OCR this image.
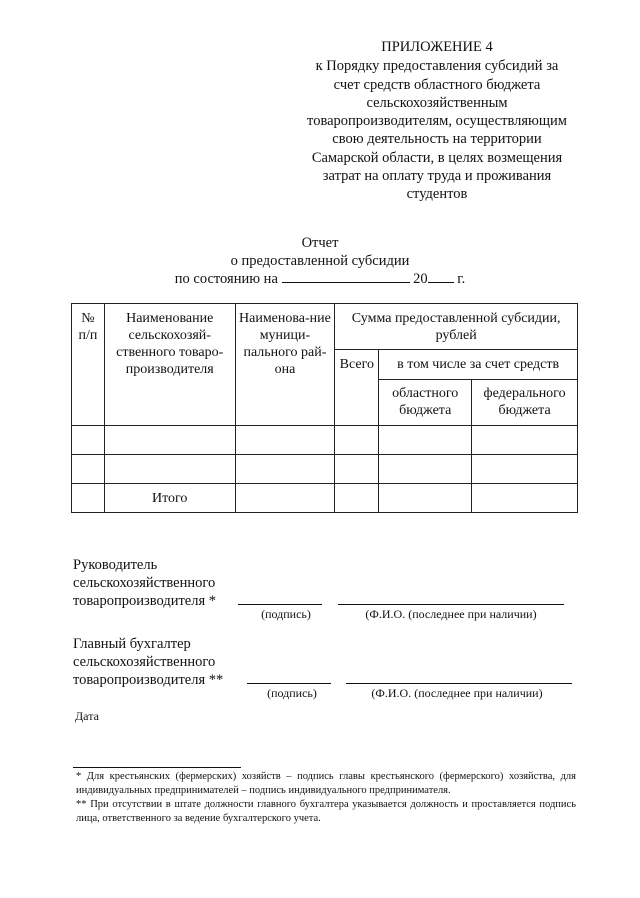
ПРИЛОЖЕНИЕ 4
к Порядку предоставления субсидий за
счет средств областного бюджета
сельскохозяйственным
товаропроизводителям, осуществляющим
свою деятельность на территории
Самарской области, в целях возмещения
затрат на оплату труда и проживания
студентов
Отчет
о предоставленной субсидии
по состоянию на	20 г.
№ п/п	Наименование сельскохозяй-ственного товаро-производителя	Наименова-ние муници-пального рай-она	Сумма предоставленной субсидии, рублей		
			Всего	в том числе за счет средств	
				областного бюджета	федерального бюджета

	Итого				
Руководитель
сельскохозяйственного
товаропроизводителя *
(подпись)	(Ф.И.О. (последнее при наличии)
Главный бухгалтер
сельскохозяйственного
товаропроизводителя **
(подпись)	(Ф.И.О. (последнее при наличии)
Дата
* Для крестьянских (фермерских) хозяйств – подпись главы крестьянского (фермерского) хозяйства, для индивидуальных предпринимателей – подпись индивидуального предпринимателя.
** При отсутствии в штате должности главного бухгалтера указывается должность и проставляется подпись лица, ответственного за ведение бухгалтерского учета.
